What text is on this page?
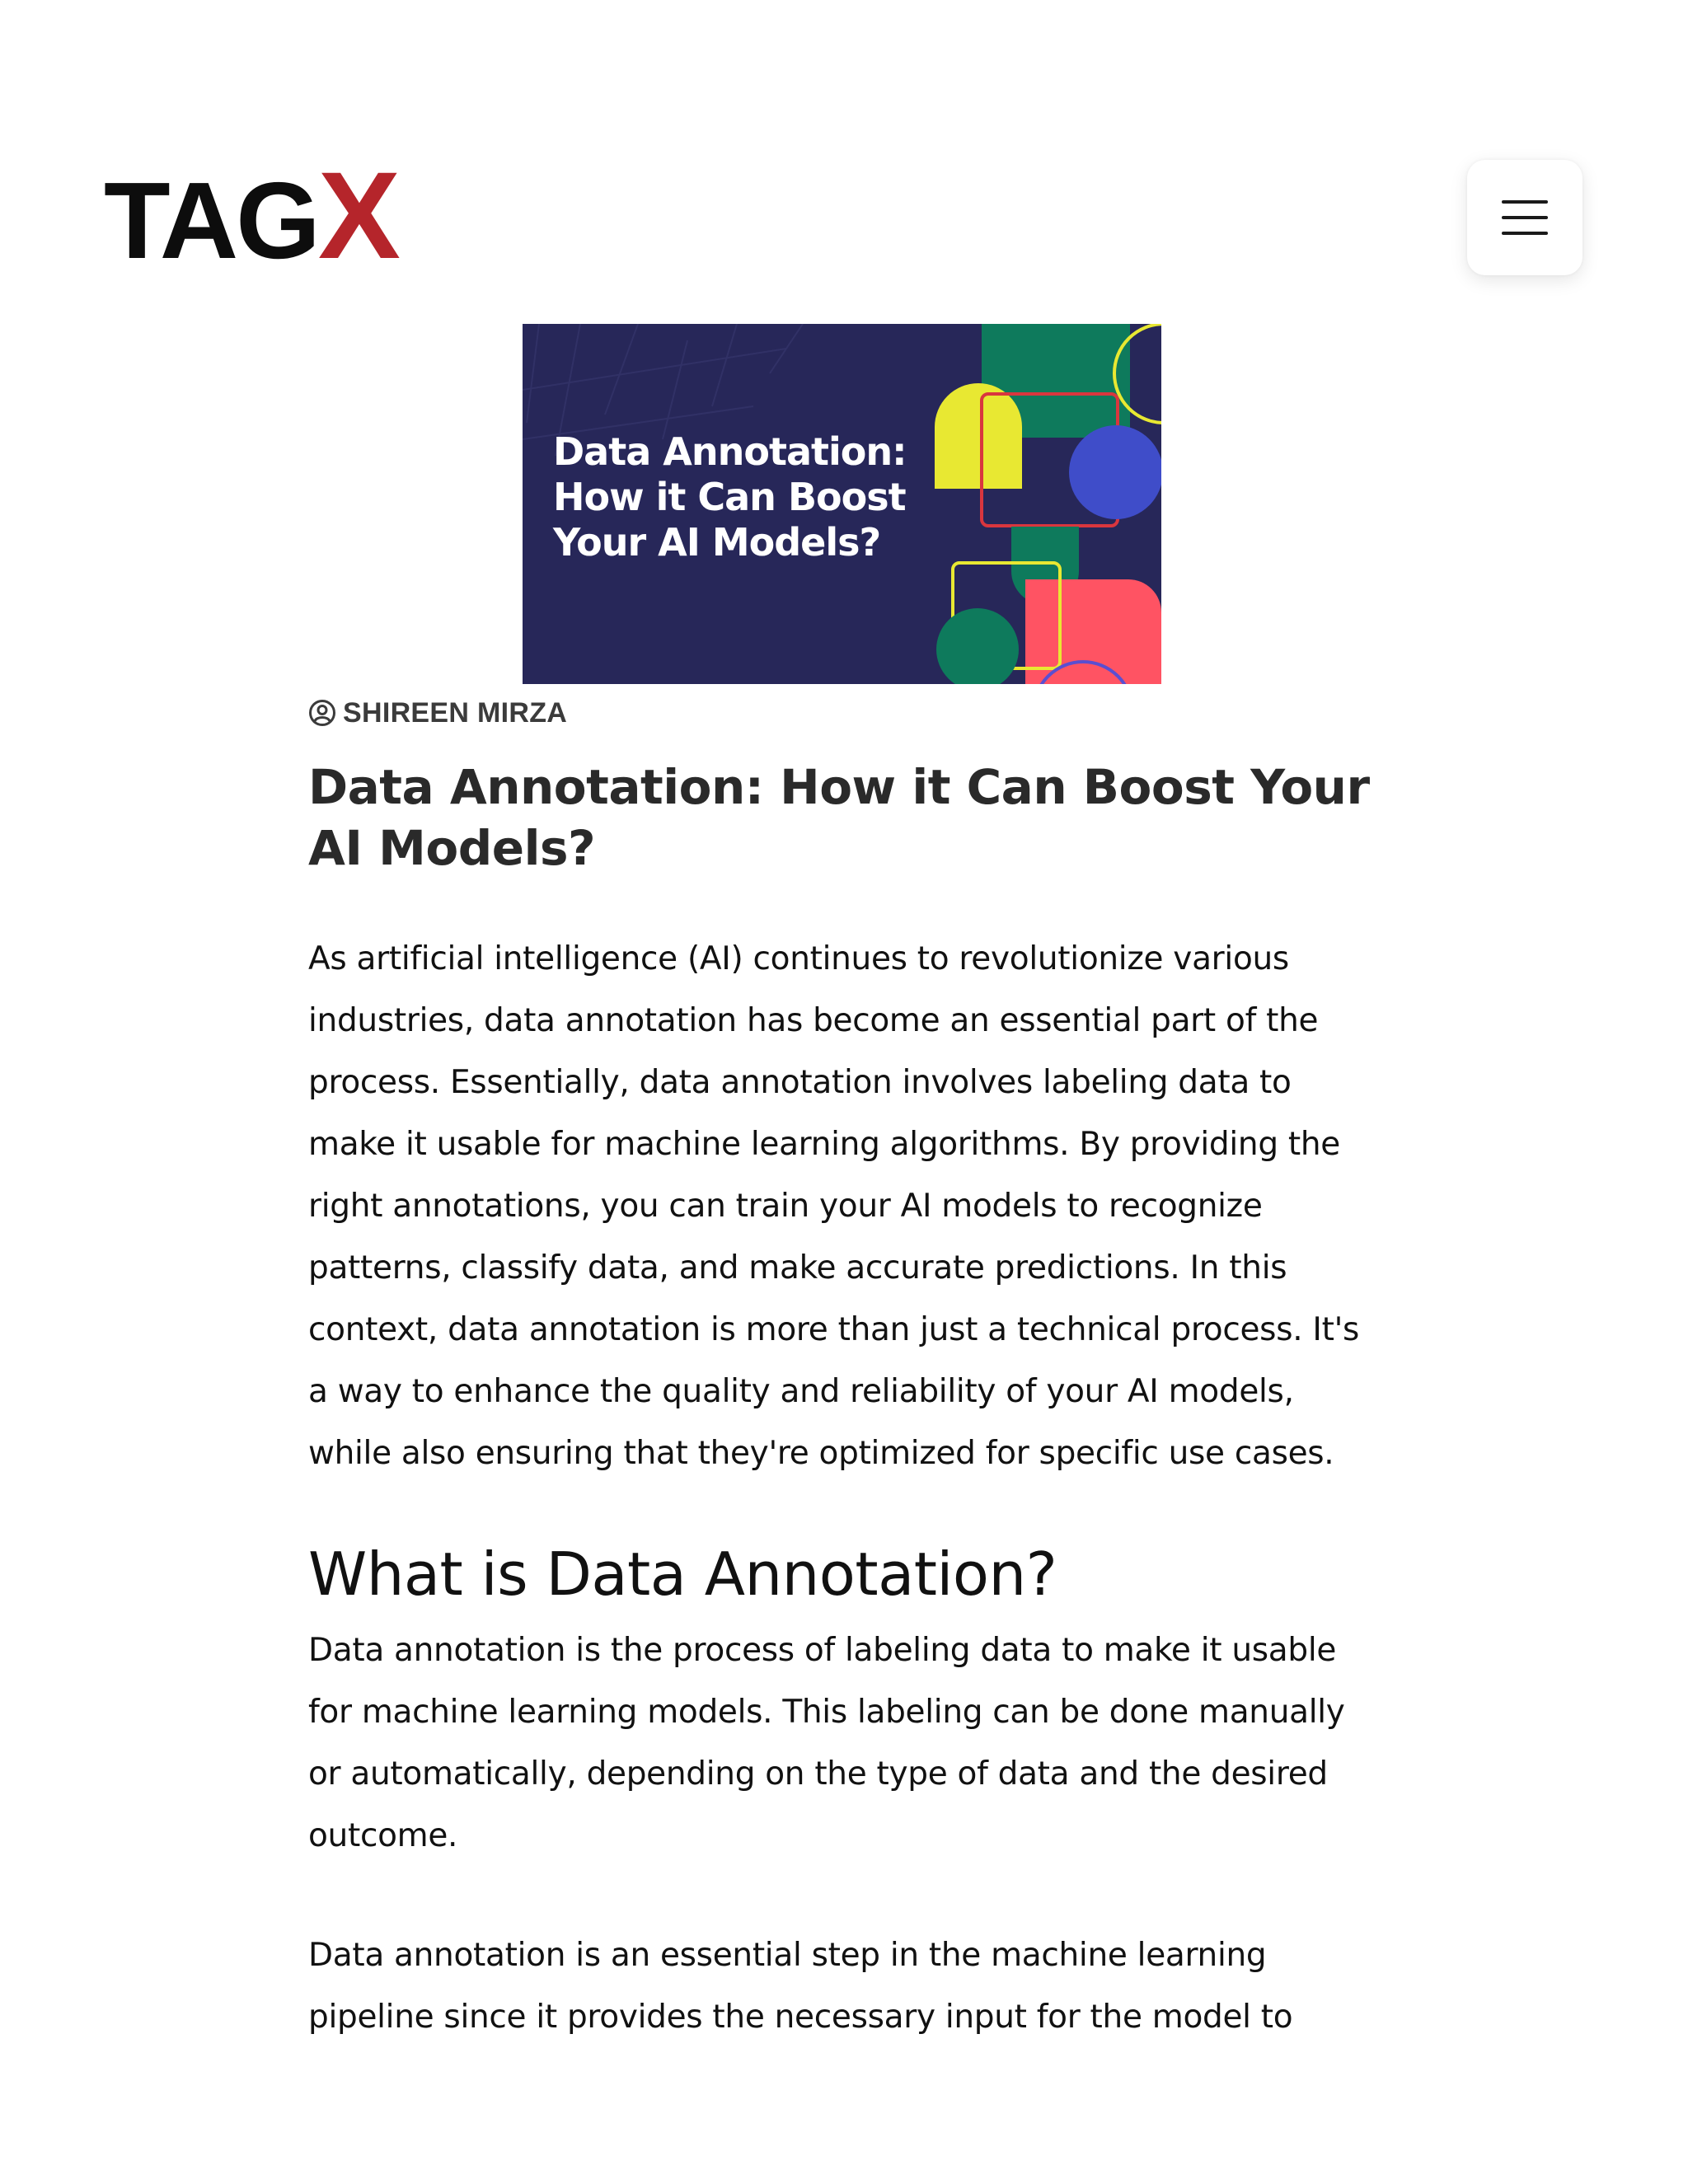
TAGX
Data Annotation: How it Can Boost Your AI Models?
SHIREEN MIRZA
Data Annotation: How it Can Boost Your AI Models?

As artificial intelligence (AI) continues to revolutionize various industries, data annotation has become an essential part of the process. Essentially, data annotation involves labeling data to make it usable for machine learning algorithms. By providing the right annotations, you can train your AI models to recognize patterns, classify data, and make accurate predictions. In this context, data annotation is more than just a technical process. It's a way to enhance the quality and reliability of your AI models, while also ensuring that they're optimized for specific use cases.

What is Data Annotation?

Data annotation is the process of labeling data to make it usable for machine learning models. This labeling can be done manually or automatically, depending on the type of data and the desired outcome.

Data annotation is an essential step in the machine learning pipeline since it provides the necessary input for the model to
